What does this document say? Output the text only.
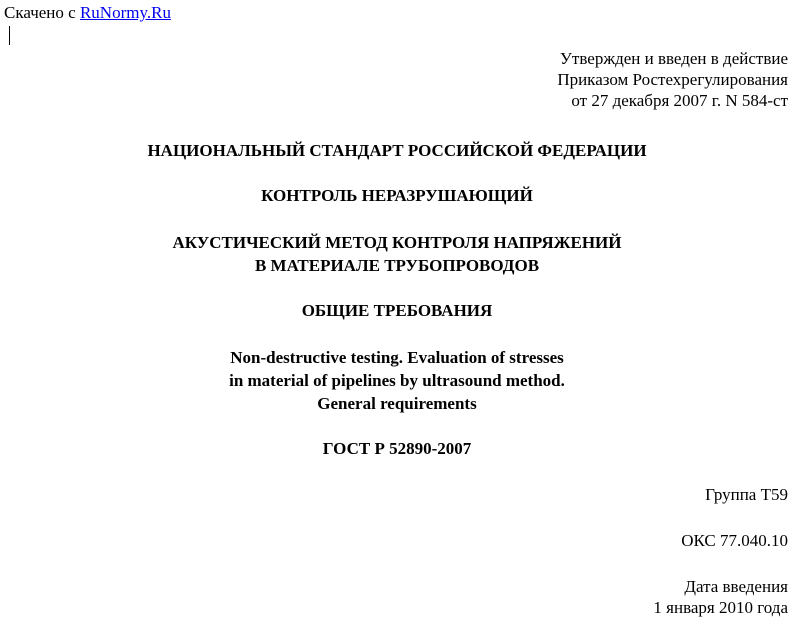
Скачено с RuNormy.Ru
Утвержден и введен в действие
Приказом Ростехрегулирования
от 27 декабря 2007 г. N 584-ст
НАЦИОНАЛЬНЫЙ СТАНДАРТ РОССИЙСКОЙ ФЕДЕРАЦИИ
КОНТРОЛЬ НЕРАЗРУШАЮЩИЙ
АКУСТИЧЕСКИЙ МЕТОД КОНТРОЛЯ НАПРЯЖЕНИЙ
В МАТЕРИАЛЕ ТРУБОПРОВОДОВ
ОБЩИЕ ТРЕБОВАНИЯ
Non-destructive testing. Evaluation of stresses
in material of pipelines by ultrasound method.
General requirements
ГОСТ Р 52890-2007
Группа Т59
ОКС 77.040.10
Дата введения
1 января 2010 года
